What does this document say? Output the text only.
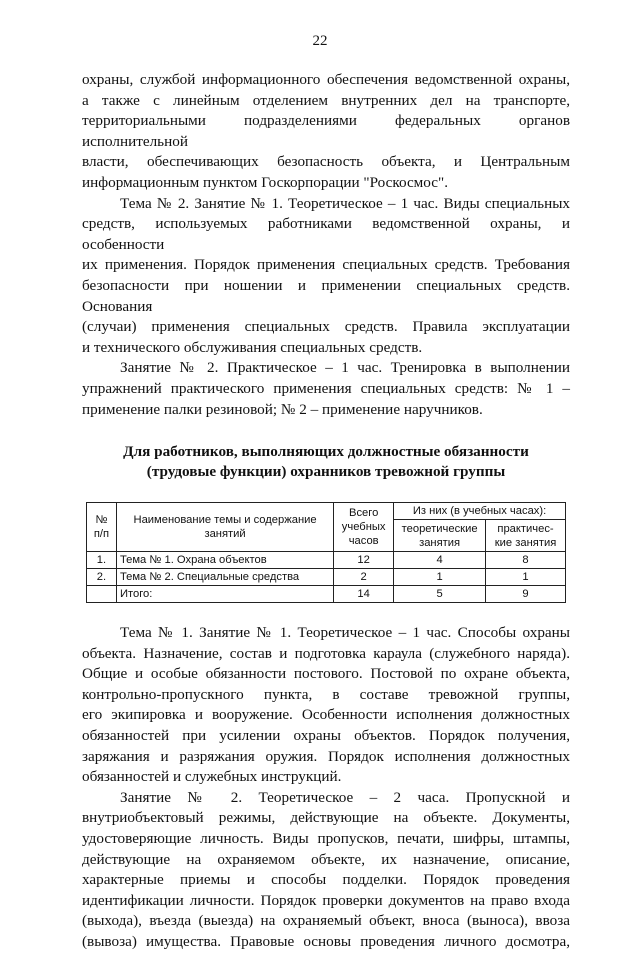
22

охраны, службой информационного обеспечения ведомственной охраны,

а также с линейным отделением внутренних дел на транспорте,

территориальными подразделениями федеральных органов исполнительной

власти, обеспечивающих безопасность объекта, и Центральным

информационным пунктом Госкорпорации "Роскосмос".

Тема № 2. Занятие № 1. Теоретическое – 1 час. Виды специальных

средств, используемых работниками ведомственной охраны, и особенности

их применения. Порядок применения специальных средств. Требования

безопасности при ношении и применении специальных средств. Основания

(случаи) применения специальных средств. Правила эксплуатации

и технического обслуживания специальных средств.

Занятие № 2. Практическое – 1 час. Тренировка в выполнении

упражнений практического применения специальных средств: № 1 –

применение палки резиновой; № 2 – применение наручников.

Для работников, выполняющих должностные обязанности
(трудовые функции) охранников тревожной группы
№ п/п	Наименование темы и содержание занятий	Всего учебных часов	Из них (в учебных часах):	
			теоретические занятия	практичес-кие занятия
1.	Тема № 1. Охрана объектов	12	4	8
2.	Тема № 2. Специальные средства	2	1	1
	Итого:	14	5	9

Тема № 1. Занятие № 1. Теоретическое – 1 час. Способы охраны

объекта. Назначение, состав и подготовка караула (служебного наряда).

Общие и особые обязанности постового. Постовой по охране объекта,

контрольно-пропускного пункта, в составе тревожной группы,

его экипировка и вооружение. Особенности исполнения должностных

обязанностей при усилении охраны объектов. Порядок получения,

заряжания и разряжания оружия. Порядок исполнения должностных

обязанностей и служебных инструкций.

Занятие № 2. Теоретическое – 2 часа. Пропускной и

внутриобъектовый режимы, действующие на объекте. Документы,

удостоверяющие личность. Виды пропусков, печати, шифры, штампы,

действующие на охраняемом объекте, их назначение, описание,

характерные приемы и способы подделки. Порядок проведения

идентификации личности. Порядок проверки документов на право входа

(выхода), въезда (выезда) на охраняемый объект, вноса (выноса), ввоза

(вывоза) имущества. Правовые основы проведения личного досмотра,
